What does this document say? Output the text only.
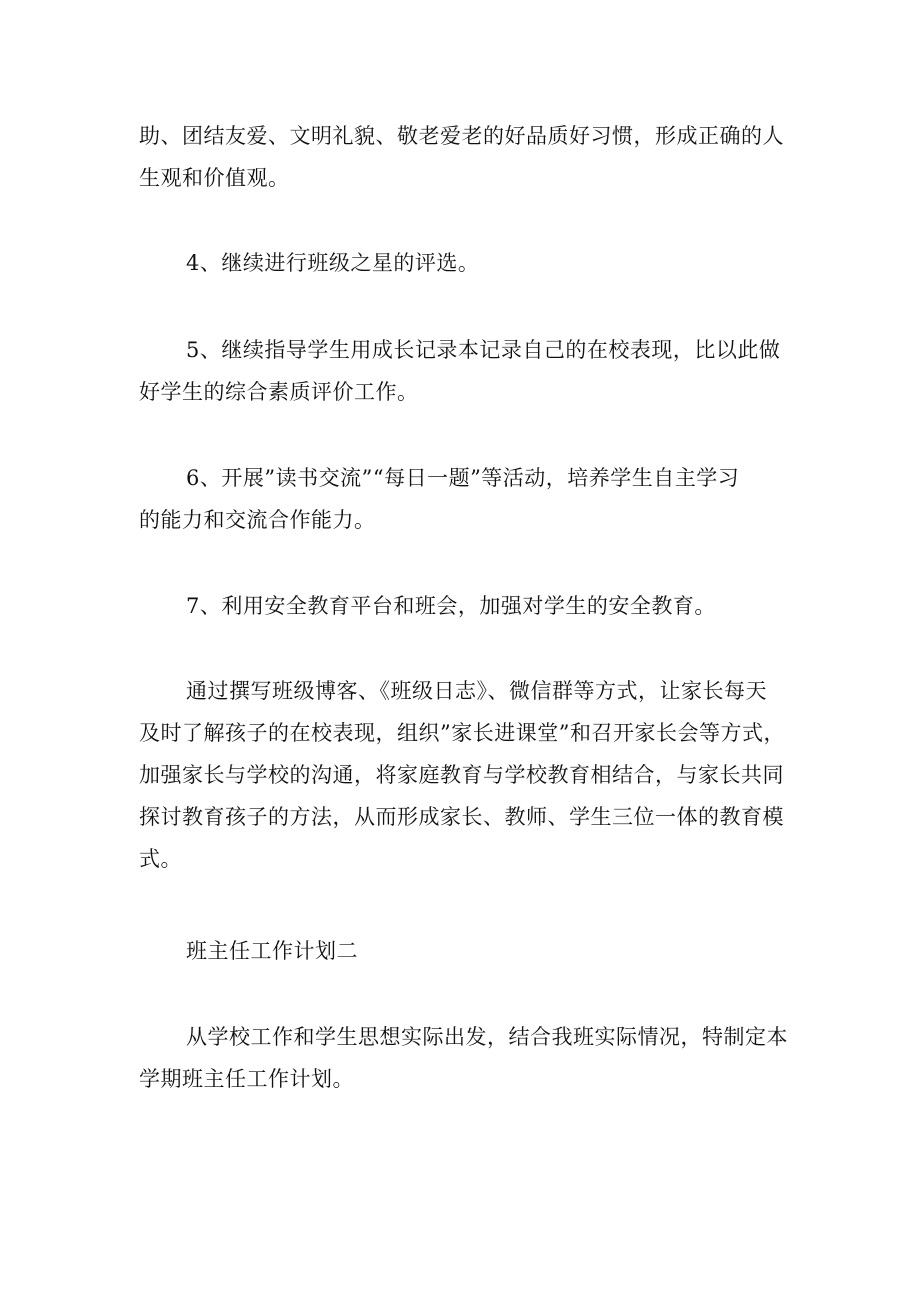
助、团结友爱、文明礼貌、敬老爱老的好品质好习惯，形成正确的人
生观和价值观。

4、继续进行班级之星的评选。

5、继续指导学生用成长记录本记录自己的在校表现，比以此做
好学生的综合素质评价工作。

6、开展”读书交流”“每日一题”等活动，培养学生自主学习
的能力和交流合作能力。

7、利用安全教育平台和班会，加强对学生的安全教育。

通过撰写班级博客、《班级日志》、微信群等方式，让家长每天
及时了解孩子的在校表现，组织”家长进课堂”和召开家长会等方式，
加强家长与学校的沟通，将家庭教育与学校教育相结合，与家长共同
探讨教育孩子的方法，从而形成家长、教师、学生三位一体的教育模
式。

班主任工作计划二

从学校工作和学生思想实际出发，结合我班实际情况，特制定本
学期班主任工作计划。
